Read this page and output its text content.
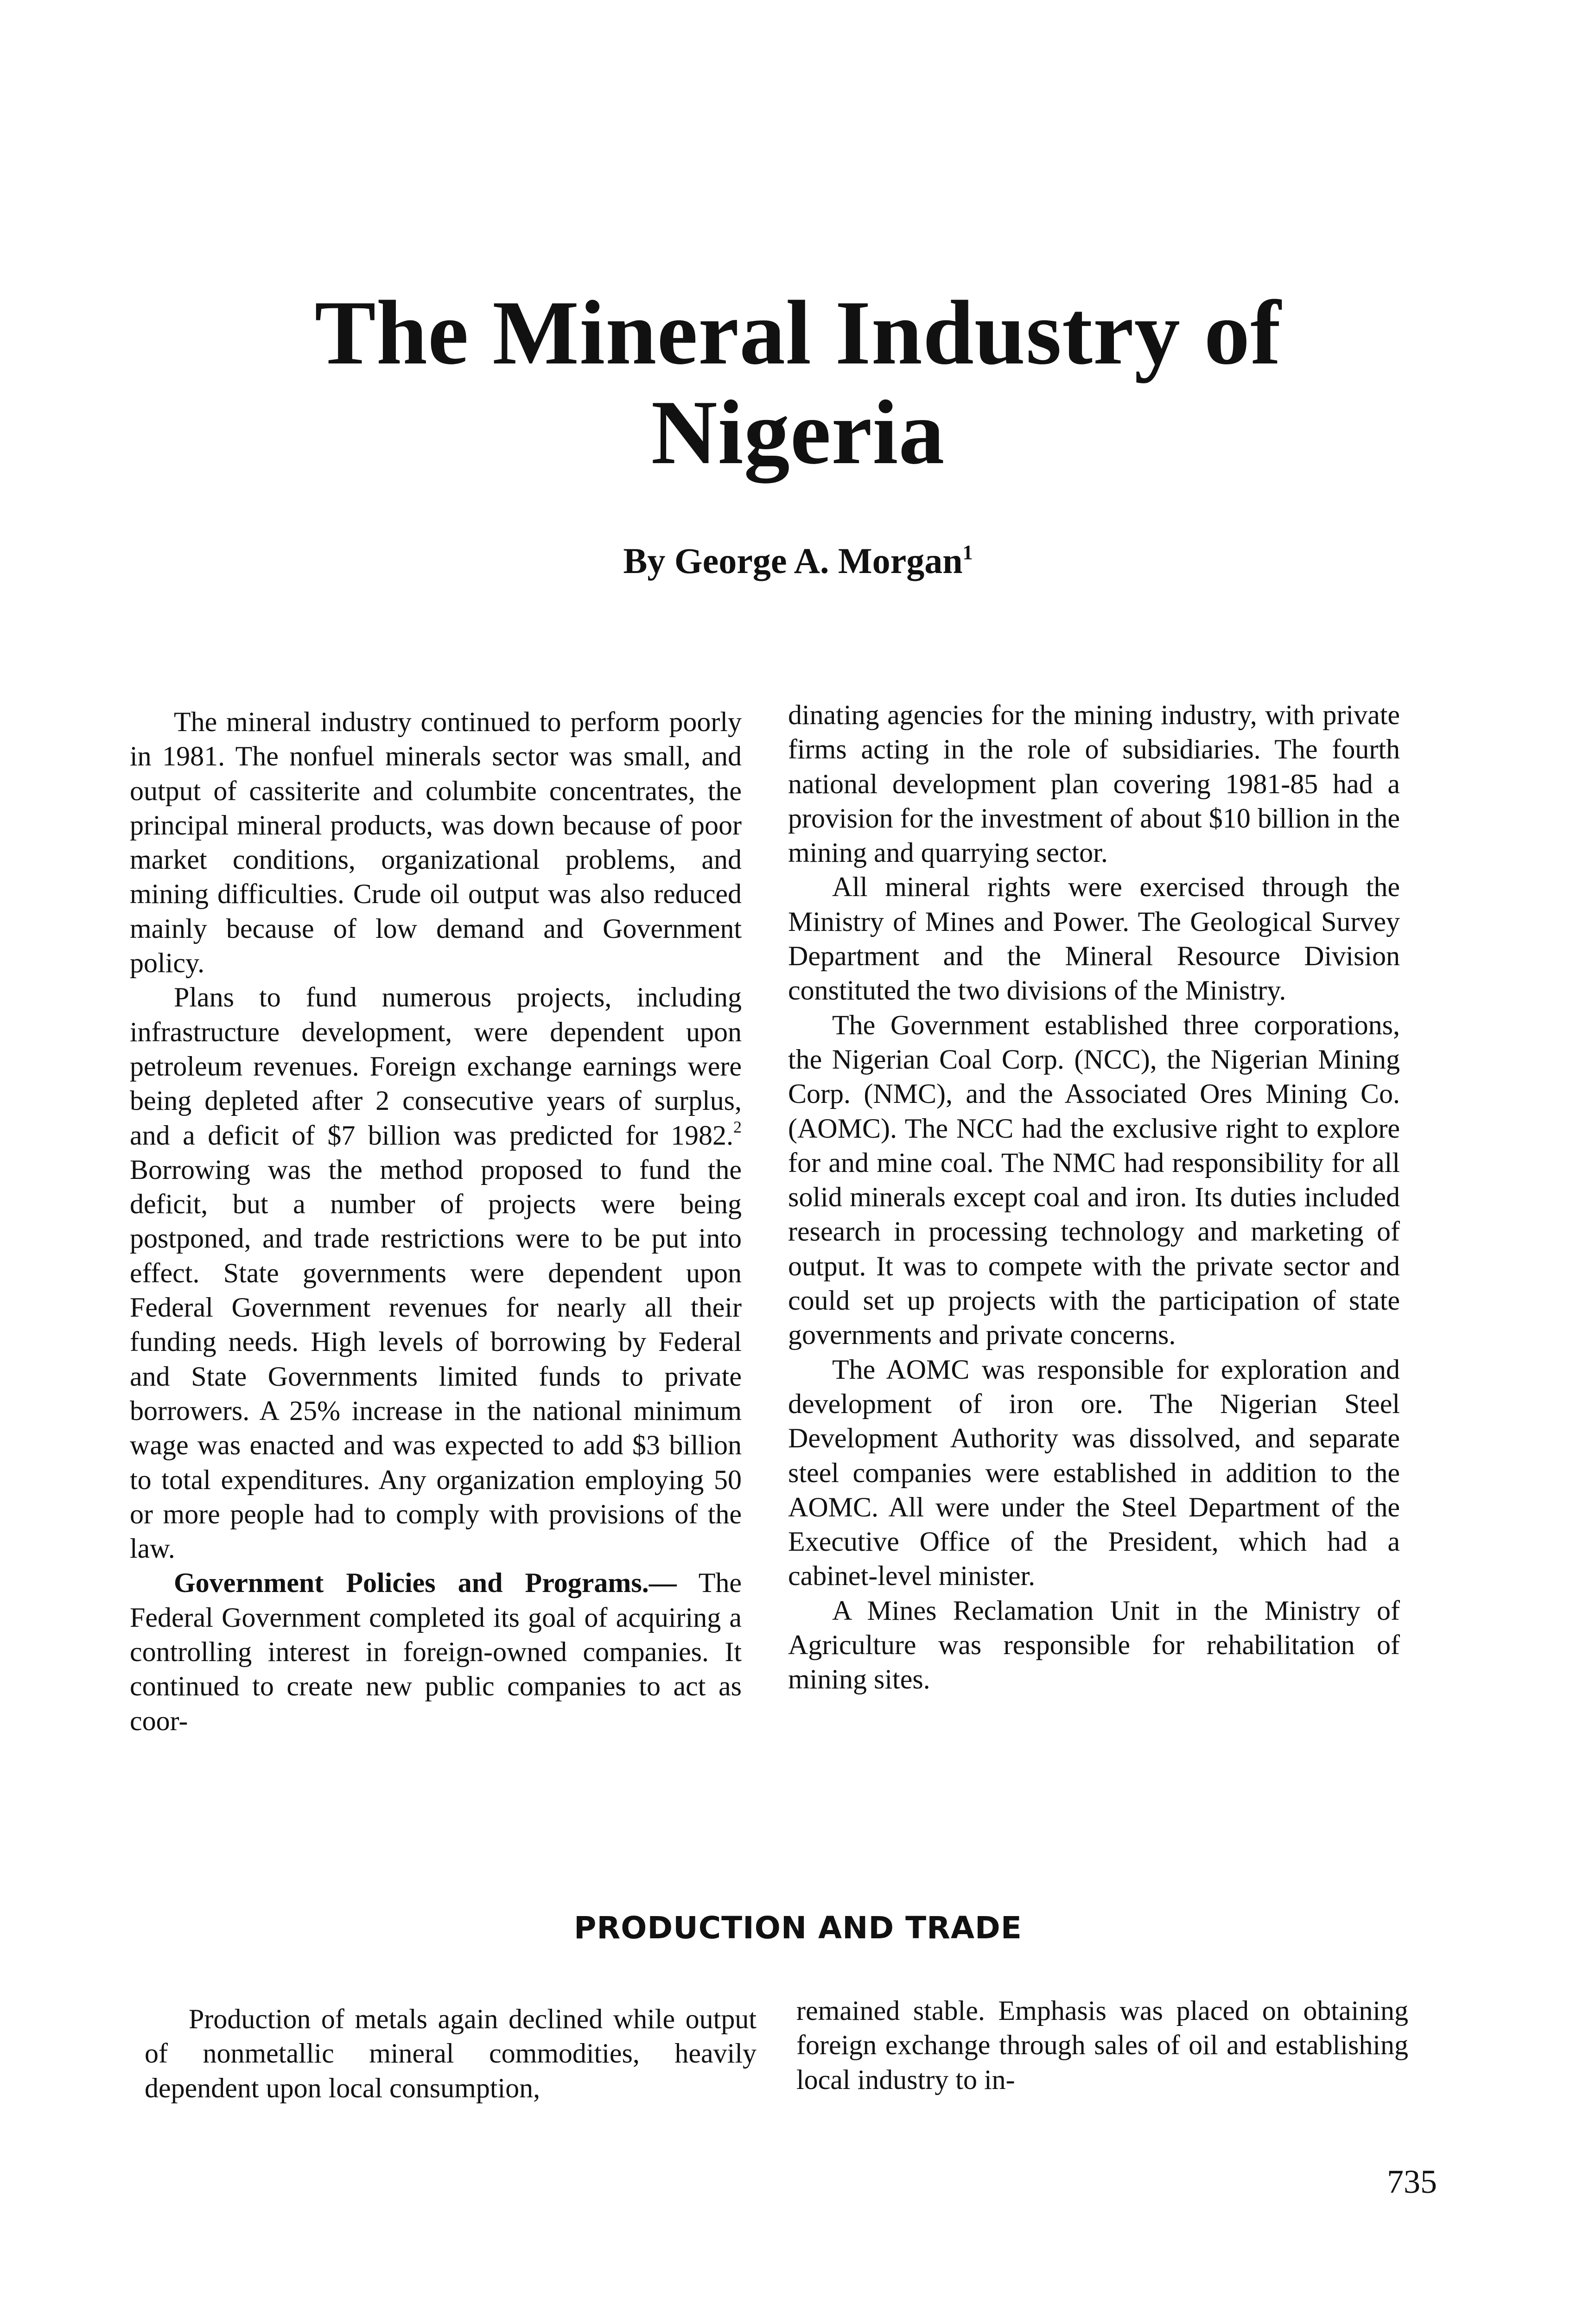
The Mineral Industry of
Nigeria
By George A. Morgan$^1$

The mineral industry continued to perform poorly in 1981. The nonfuel minerals sector was small, and output of cassiterite and columbite concentrates, the principal mineral products, was down because of poor market conditions, organizational problems, and mining difficulties. Crude oil output was also reduced mainly because of low demand and Government policy.

Plans to fund numerous projects, including infrastructure development, were dependent upon petroleum revenues. Foreign exchange earnings were being depleted after 2 consecutive years of surplus, and a deficit of $7 billion was predicted for 1982.$^2$ Borrowing was the method proposed to fund the deficit, but a number of projects were being postponed, and trade restrictions were to be put into effect. State governments were dependent upon Federal Government revenues for nearly all their funding needs. High levels of borrowing by Federal and State Governments limited funds to private borrowers. A 25% increase in the national minimum wage was enacted and was expected to add $3 billion to total expenditures. Any organization employing 50 or more people had to comply with provisions of the law.

Government Policies and Programs.— The Federal Government completed its goal of acquiring a controlling interest in foreign-owned companies. It continued to create new public companies to act as coor-

dinating agencies for the mining industry, with private firms acting in the role of subsidiaries. The fourth national development plan covering 1981-85 had a provision for the investment of about $10 billion in the mining and quarrying sector.

All mineral rights were exercised through the Ministry of Mines and Power. The Geological Survey Department and the Mineral Resource Division constituted the two divisions of the Ministry.

The Government established three corporations, the Nigerian Coal Corp. (NCC), the Nigerian Mining Corp. (NMC), and the Associated Ores Mining Co. (AOMC). The NCC had the exclusive right to explore for and mine coal. The NMC had responsibility for all solid minerals except coal and iron. Its duties included research in processing technology and marketing of output. It was to compete with the private sector and could set up projects with the participation of state governments and private concerns.

The AOMC was responsible for exploration and development of iron ore. The Nigerian Steel Development Authority was dissolved, and separate steel companies were established in addition to the AOMC. All were under the Steel Department of the Executive Office of the President, which had a cabinet-level minister.

A Mines Reclamation Unit in the Ministry of Agriculture was responsible for rehabilitation of mining sites.

PRODUCTION AND TRADE

Production of metals again declined while output of nonmetallic mineral commodities, heavily dependent upon local consumption,

remained stable. Emphasis was placed on obtaining foreign exchange through sales of oil and establishing local industry to in-

735
